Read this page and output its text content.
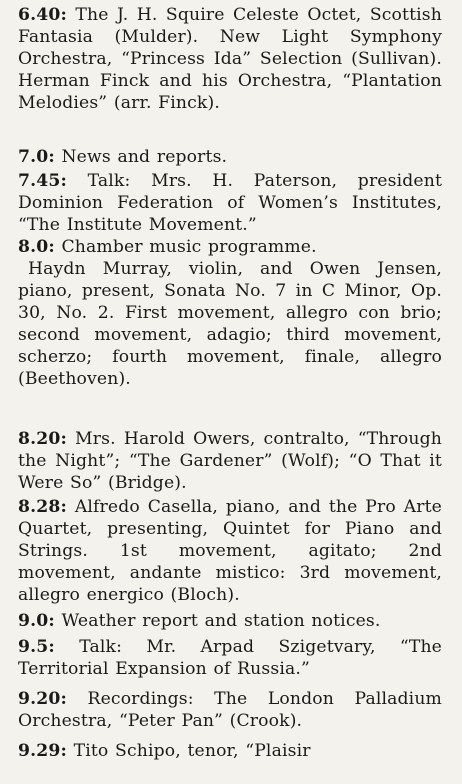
6.40: The J. H. Squire Celeste Octet, Scottish Fantasia (Mulder). New Light Symphony Orchestra, “Princess Ida” Selection (Sullivan). Herman Finck and his Orchestra, “Plantation Melodies” (arr. Finck).
7.0: News and reports.
7.45: Talk: Mrs. H. Paterson, president Dominion Federation of Women’s Institutes, “The Institute Movement.”
8.0: Chamber music programme.
Haydn Murray, violin, and Owen Jensen, piano, present, Sonata No. 7 in C Minor, Op. 30, No. 2. First movement, allegro con brio; second movement, adagio; third movement, scherzo; fourth movement, finale, allegro (Beethoven).
8.20: Mrs. Harold Owers, contralto, “Through the Night”; “The Gardener” (Wolf); “O That it Were So” (Bridge).
8.28: Alfredo Casella, piano, and the Pro Arte Quartet, presenting, Quintet for Piano and Strings. 1st movement, agitato; 2nd movement, andante mistico: 3rd movement, allegro energico (Bloch).
9.0: Weather report and station notices.
9.5: Talk: Mr. Arpad Szigetvary, “The Territorial Expansion of Russia.”
9.20: Recordings: The London Palladium Orchestra, “Peter Pan” (Crook).
9.29: Tito Schipo, tenor, “Plaisir
